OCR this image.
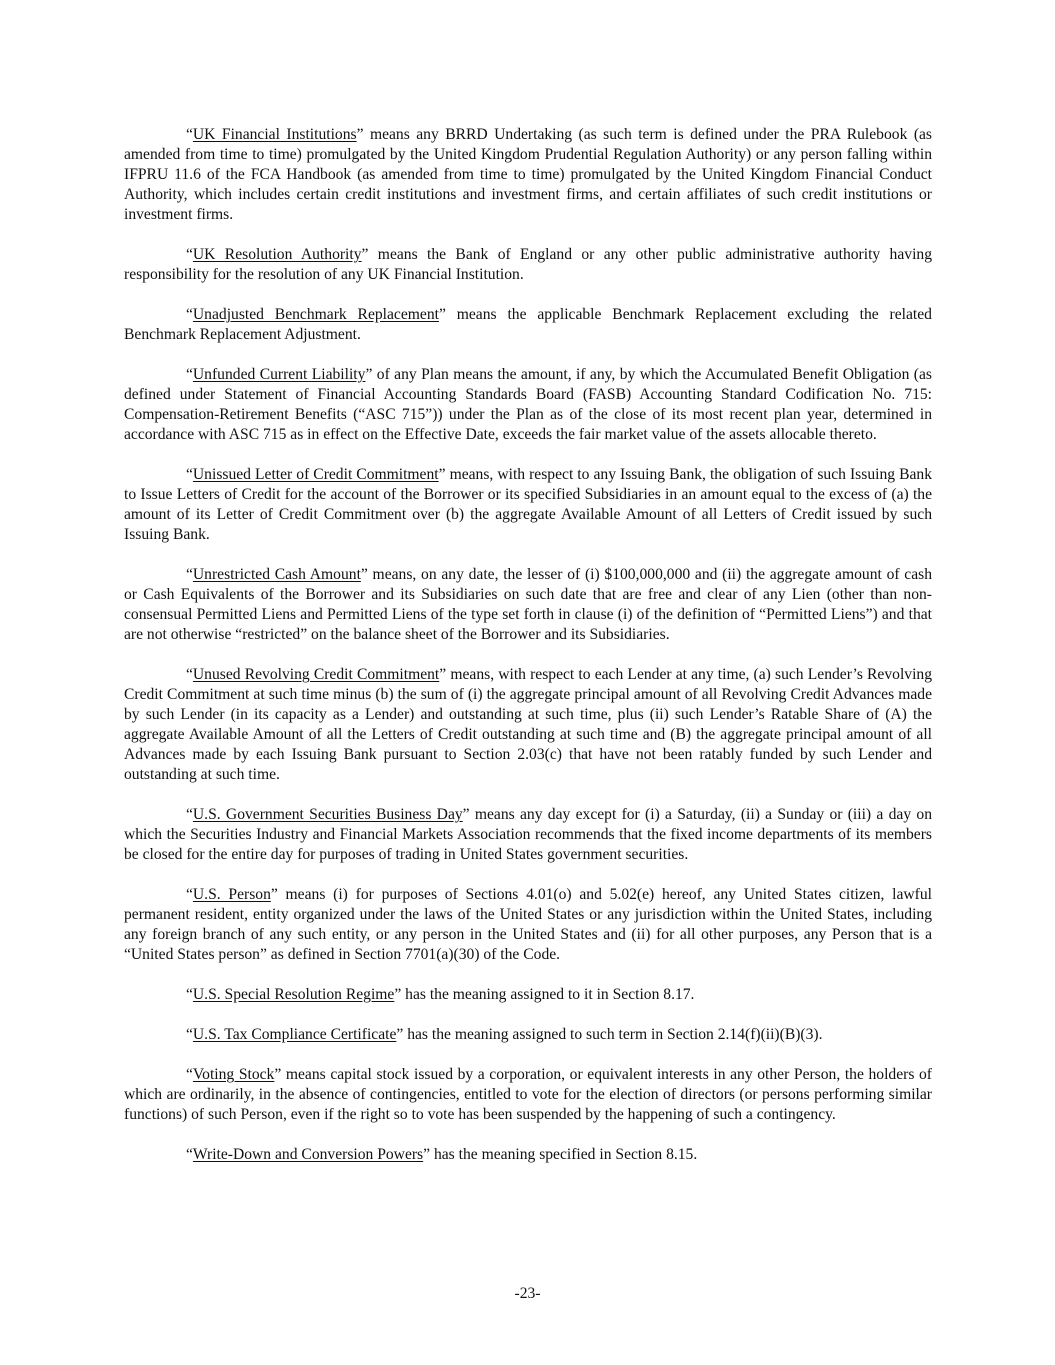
“UK Financial Institutions” means any BRRD Undertaking (as such term is defined under the PRA Rulebook (as amended from time to time) promulgated by the United Kingdom Prudential Regulation Authority) or any person falling within IFPRU 11.6 of the FCA Handbook (as amended from time to time) promulgated by the United Kingdom Financial Conduct Authority, which includes certain credit institutions and investment firms, and certain affiliates of such credit institutions or investment firms.

“UK Resolution Authority” means the Bank of England or any other public administrative authority having responsibility for the resolution of any UK Financial Institution.

“Unadjusted Benchmark Replacement” means the applicable Benchmark Replacement excluding the related Benchmark Replacement Adjustment.

“Unfunded Current Liability” of any Plan means the amount, if any, by which the Accumulated Benefit Obligation (as defined under Statement of Financial Accounting Standards Board (FASB) Accounting Standard Codification No. 715: Compensation-Retirement Benefits (“ASC 715”)) under the Plan as of the close of its most recent plan year, determined in accordance with ASC 715 as in effect on the Effective Date, exceeds the fair market value of the assets allocable thereto.

“Unissued Letter of Credit Commitment” means, with respect to any Issuing Bank, the obligation of such Issuing Bank to Issue Letters of Credit for the account of the Borrower or its specified Subsidiaries in an amount equal to the excess of (a) the amount of its Letter of Credit Commitment over (b) the aggregate Available Amount of all Letters of Credit issued by such Issuing Bank.

“Unrestricted Cash Amount” means, on any date, the lesser of (i) $100,000,000 and (ii) the aggregate amount of cash or Cash Equivalents of the Borrower and its Subsidiaries on such date that are free and clear of any Lien (other than non-consensual Permitted Liens and Permitted Liens of the type set forth in clause (i) of the definition of “Permitted Liens”) and that are not otherwise “restricted” on the balance sheet of the Borrower and its Subsidiaries.

“Unused Revolving Credit Commitment” means, with respect to each Lender at any time, (a) such Lender’s Revolving Credit Commitment at such time minus (b) the sum of (i) the aggregate principal amount of all Revolving Credit Advances made by such Lender (in its capacity as a Lender) and outstanding at such time, plus (ii) such Lender’s Ratable Share of (A) the aggregate Available Amount of all the Letters of Credit outstanding at such time and (B) the aggregate principal amount of all Advances made by each Issuing Bank pursuant to Section 2.03(c) that have not been ratably funded by such Lender and outstanding at such time.

“U.S. Government Securities Business Day” means any day except for (i) a Saturday, (ii) a Sunday or (iii) a day on which the Securities Industry and Financial Markets Association recommends that the fixed income departments of its members be closed for the entire day for purposes of trading in United States government securities.

“U.S. Person” means (i) for purposes of Sections 4.01(o) and 5.02(e) hereof, any United States citizen, lawful permanent resident, entity organized under the laws of the United States or any jurisdiction within the United States, including any foreign branch of any such entity, or any person in the United States and (ii) for all other purposes, any Person that is a “United States person” as defined in Section 7701(a)(30) of the Code.

“U.S. Special Resolution Regime” has the meaning assigned to it in Section 8.17.

“U.S. Tax Compliance Certificate” has the meaning assigned to such term in Section 2.14(f)(ii)(B)(3).

“Voting Stock” means capital stock issued by a corporation, or equivalent interests in any other Person, the holders of which are ordinarily, in the absence of contingencies, entitled to vote for the election of directors (or persons performing similar functions) of such Person, even if the right so to vote has been suspended by the happening of such a contingency.

“Write-Down and Conversion Powers” has the meaning specified in Section 8.15.

-23-
